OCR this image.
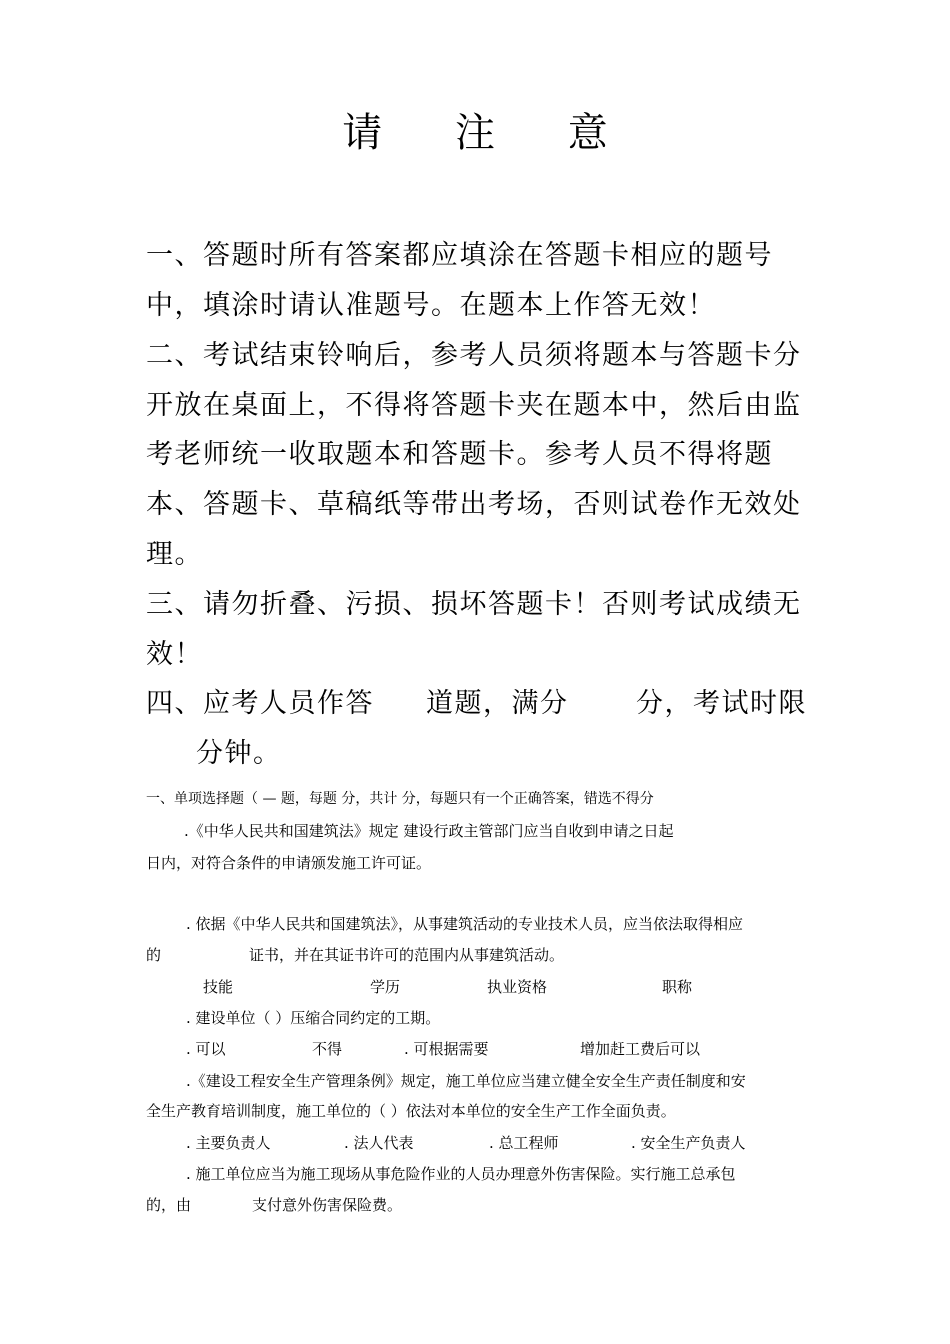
请 注 意
一、答题时所有答案都应填涂在答题卡相应的题号
中，填涂时请认准题号。在题本上作答无效！
二、考试结束铃响后，参考人员须将题本与答题卡分
开放在桌面上，不得将答题卡夹在题本中，然后由监
考老师统一收取题本和答题卡。参考人员不得将题
本、答题卡、草稿纸等带出考场，否则试卷作无效处
理。
三、请勿折叠、污损、损坏答题卡！否则考试成绩无
效！
四、应考人员作答 道题，满分	分，考试时限
分钟。
一、单项选择题（ — 题，每题 分，共计 分，每题只有一个正确答案，错选不得分
.《中华人民共和国建筑法》规定 建设行政主管部门应当自收到申请之日起
日内，对符合条件的申请颁发施工许可证。
. 依据《中华人民共和国建筑法》，从事建筑活动的专业技术人员，应当依法取得相应
的	证书，并在其证书许可的范围内从事建筑活动。
技能	学历	执业资格	职称
. 建设单位（ ）压缩合同约定的工期。
. 可以	不得	. 可根据需要	增加赶工费后可以
.《建设工程安全生产管理条例》规定，施工单位应当建立健全安全生产责任制度和安
全生产教育培训制度，施工单位的（ ）依法对本单位的安全生产工作全面负责。
. 主要负责人	. 法人代表	. 总工程师	. 安全生产负责人
. 施工单位应当为施工现场从事危险作业的人员办理意外伤害保险。实行施工总承包
的，由	支付意外伤害保险费。
